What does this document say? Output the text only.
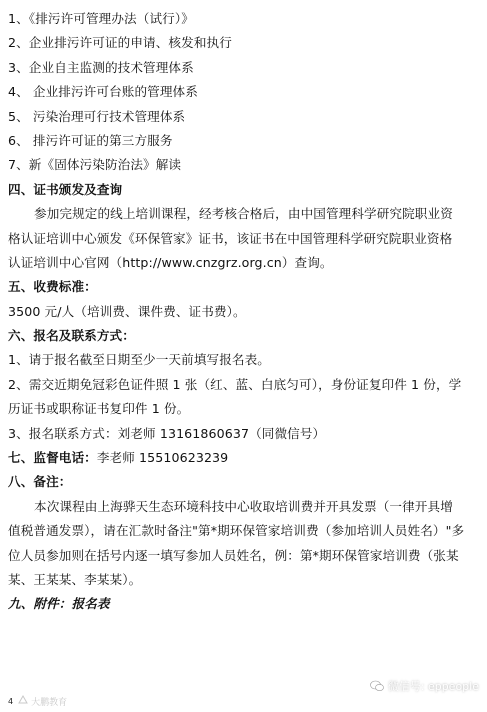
1、《排污许可管理办法（试行）》
2、企业排污许可证的申请、核发和执行
3、企业自主监测的技术管理体系
4、 企业排污许可台账的管理体系
5、 污染治理可行技术管理体系
6、 排污许可证的第三方服务
7、新《固体污染防治法》解读
四、证书颁发及查询
参加完规定的线上培训课程，经考核合格后，由中国管理科学研究院职业资
格认证培训中心颁发《环保管家》证书，该证书在中国管理科学研究院职业资格
认证培训中心官网（http://www.cnzgrz.org.cn）查询。
五、收费标准：
3500 元/人（培训费、课件费、证书费）。
六、报名及联系方式：
1、请于报名截至日期至少一天前填写报名表。
2、需交近期免冠彩色证件照 1 张（红、蓝、白底匀可），身份证复印件 1 份，学
历证书或职称证书复印件 1 份。
3、报名联系方式：刘老师 13161860637（同微信号）
七、监督电话：李老师 15510623239
八、备注：
本次课程由上海骅天生态环境科技中心收取培训费并开具发票（一律开具增
值税普通发票），请在汇款时备注"第*期环保管家培训费（参加培训人员姓名）"多
位人员参加则在括号内逐一填写参加人员姓名，例：第*期环保管家培训费（张某
某、王某某、李某某）。
九、附件：报名表
4 大鹏教育
微信号: eppeople
